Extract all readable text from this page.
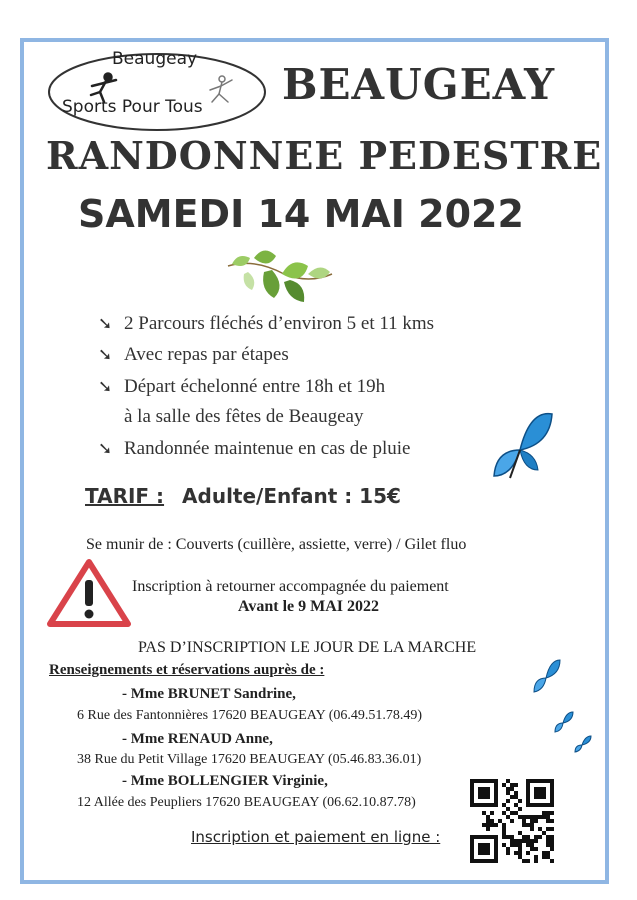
Beaugeay
Sports Pour Tous BEAUGEAY
RANDONNEE PEDESTRE
SAMEDI 14 MAI 2022
➘ 2 Parcours fléchés d’environ 5 et 11 kms
➘ Avec repas par étapes
➘ Départ échelonné entre 18h et 19h
à la salle des fêtes de Beaugeay
➘ Randonnée maintenue en cas de pluie
TARIF : Adulte/Enfant : 15€
Se munir de : Couverts (cuillère, assiette, verre) / Gilet fluo
Inscription à retourner accompagnée du paiement
Avant le 9 MAI 2022
PAS D’INSCRIPTION LE JOUR DE LA MARCHE
Renseignements et réservations auprès de :
- Mme BRUNET Sandrine,
6 Rue des Fantonnières 17620 BEAUGEAY (06.49.51.78.49)
- Mme RENAUD Anne,
38 Rue du Petit Village 17620 BEAUGEAY (05.46.83.36.01)
- Mme BOLLENGIER Virginie,
12 Allée des Peupliers 17620 BEAUGEAY (06.62.10.87.78)
Inscription et paiement en ligne :
